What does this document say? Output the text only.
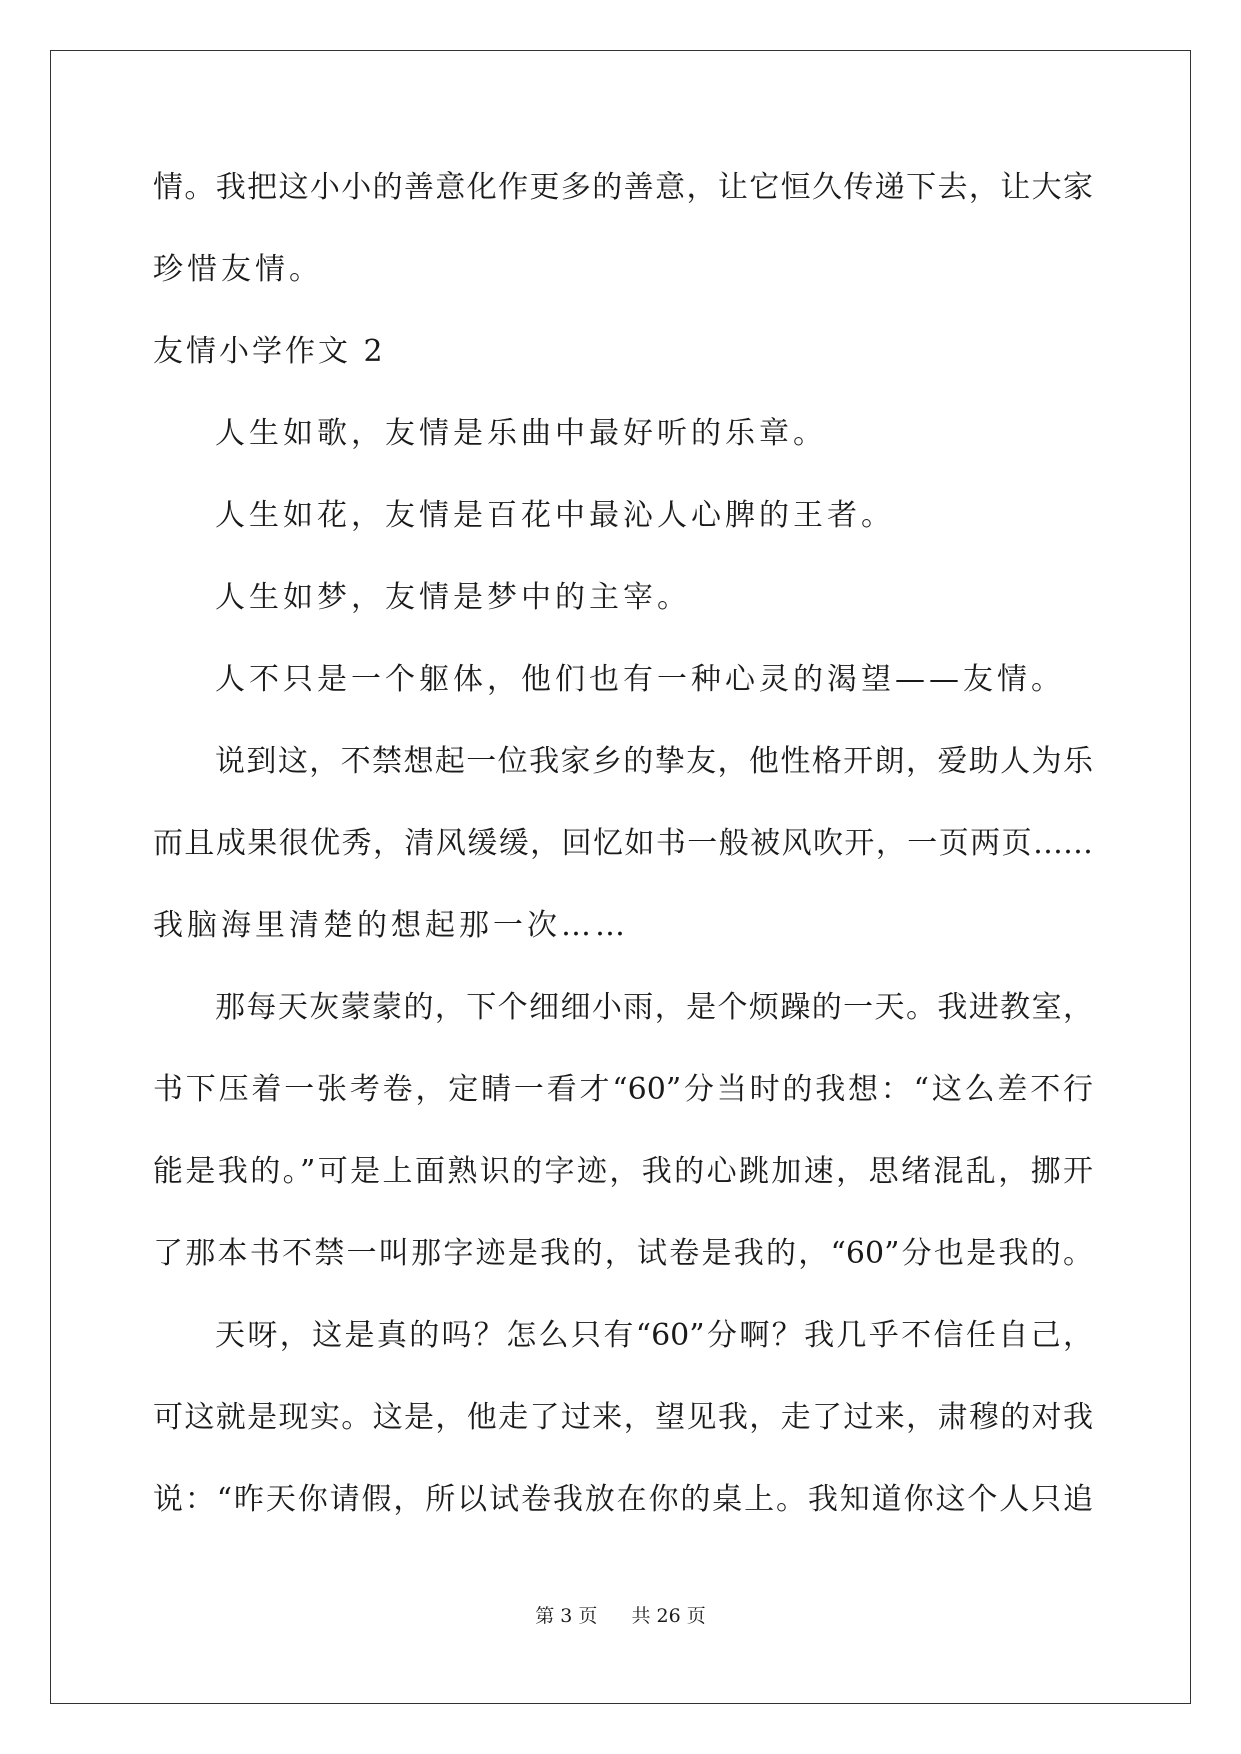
情。我把这小小的善意化作更多的善意，让它恒久传递下去，让大家
珍惜友情。
友情小学作文 2
人生如歌，友情是乐曲中最好听的乐章。
人生如花，友情是百花中最沁人心脾的王者。
人生如梦，友情是梦中的主宰。
人不只是一个躯体，他们也有一种心灵的渴望——友情。
说到这，不禁想起一位我家乡的挚友，他性格开朗，爱助人为乐
而且成果很优秀，清风缓缓，回忆如书一般被风吹开，一页两页……
我脑海里清楚的想起那一次……
那每天灰蒙蒙的，下个细细小雨，是个烦躁的一天。我进教室，
书下压着一张考卷，定睛一看才“60”分当时的我想：“这么差不行
能是我的。”可是上面熟识的字迹，我的心跳加速，思绪混乱，挪开
了那本书不禁一叫那字迹是我的，试卷是我的，“60”分也是我的。
天呀，这是真的吗？怎么只有“60”分啊？我几乎不信任自己，
可这就是现实。这是，他走了过来，望见我，走了过来，肃穆的对我
说：“昨天你请假，所以试卷我放在你的桌上。我知道你这个人只追
第 3 页 共 26 页
